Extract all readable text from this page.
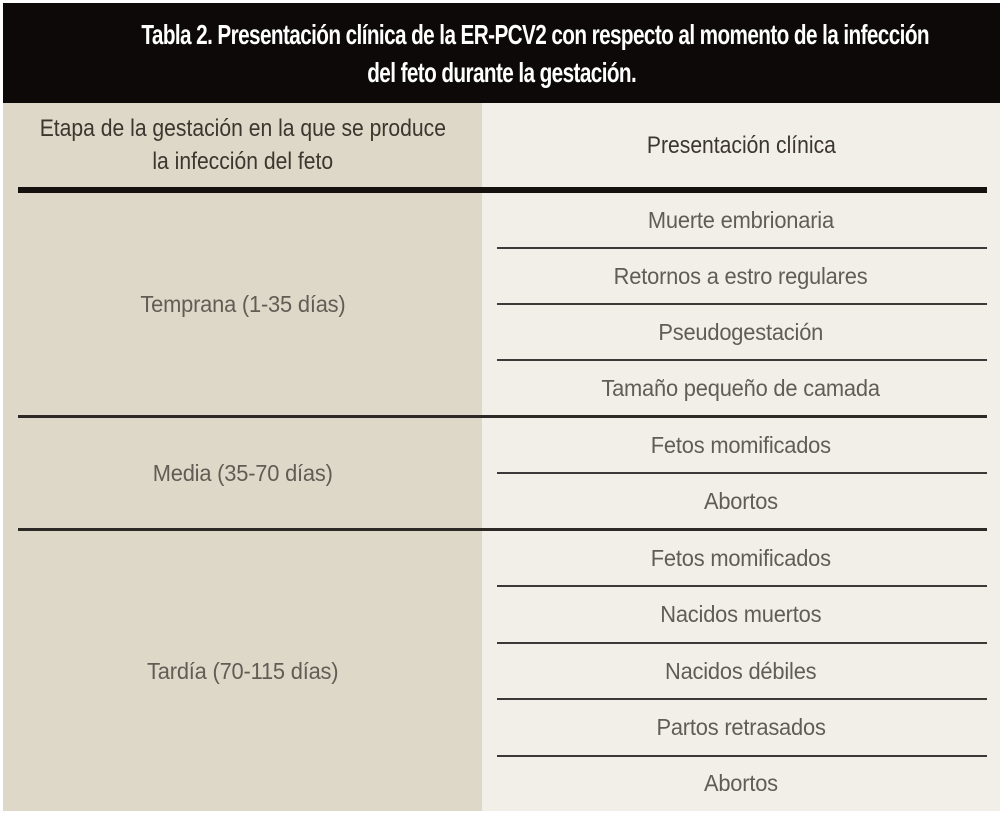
Tabla 2. Presentación clínica de la ER-PCV2 con respecto al momento de la infección
del feto durante la gestación.
Etapa de la gestación en la que se produce
la infección del feto
Presentación clínica
Temprana (1-35 días)
Muerte embrionaria
Retornos a estro regulares
Pseudogestación
Tamaño pequeño de camada
Media (35-70 días)
Fetos momificados
Abortos
Tardía (70-115 días)
Fetos momificados
Nacidos muertos
Nacidos débiles
Partos retrasados
Abortos
